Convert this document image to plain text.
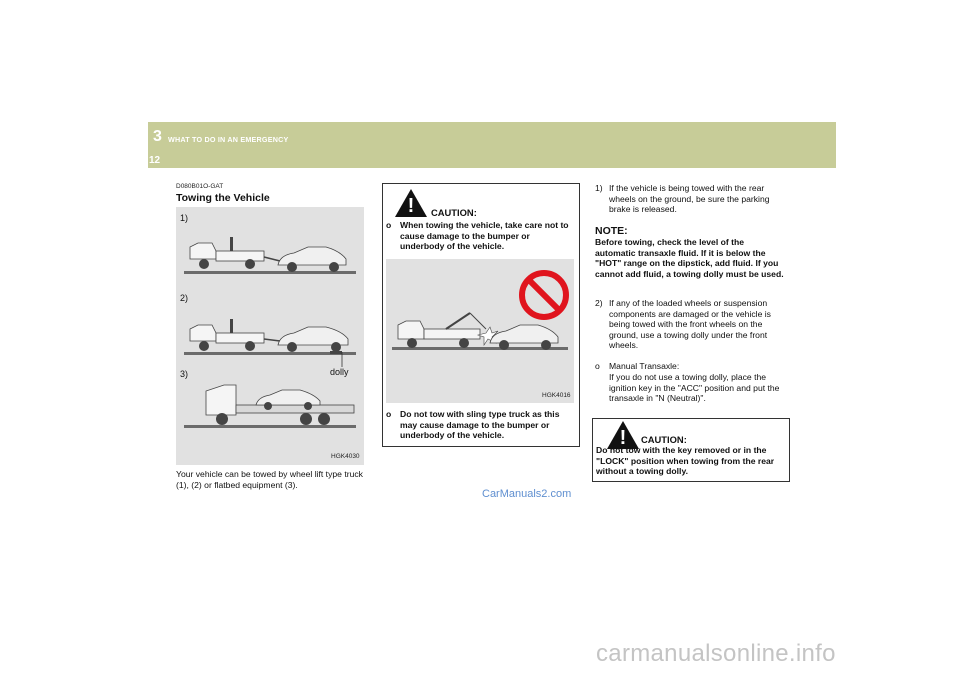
3 WHAT TO DO IN AN EMERGENCY
12
D080B01O-GAT
Towing the Vehicle
1)
2)
3)	dolly
HGK4030
Your vehicle can be towed by wheel lift type truck (1), (2) or flatbed equipment (3).
!	CAUTION:
o When towing the vehicle, take care not to cause damage to the bumper or underbody of the vehicle.
HGK4016
o Do not tow with sling type truck as this may cause damage to the bumper or underbody of the vehicle.
1) If the vehicle is being towed with the rear wheels on the ground, be sure the parking brake is released.
NOTE:
Before towing, check the level of the automatic transaxle fluid. If it is below the "HOT" range on the dipstick, add fluid. If you cannot add fluid, a towing dolly must be used.
2) If any of the loaded wheels or suspension components are damaged or the vehicle is being towed with the front wheels on the ground, use a towing dolly under the front wheels.
o Manual Transaxle:
If you do not use a towing dolly, place the ignition key in the "ACC" position and put the transaxle in "N (Neutral)".
!	CAUTION:
Do not tow with the key removed or in the "LOCK" position when towing from the rear without a towing dolly.
CarManuals2.com
carmanualsonline.info
